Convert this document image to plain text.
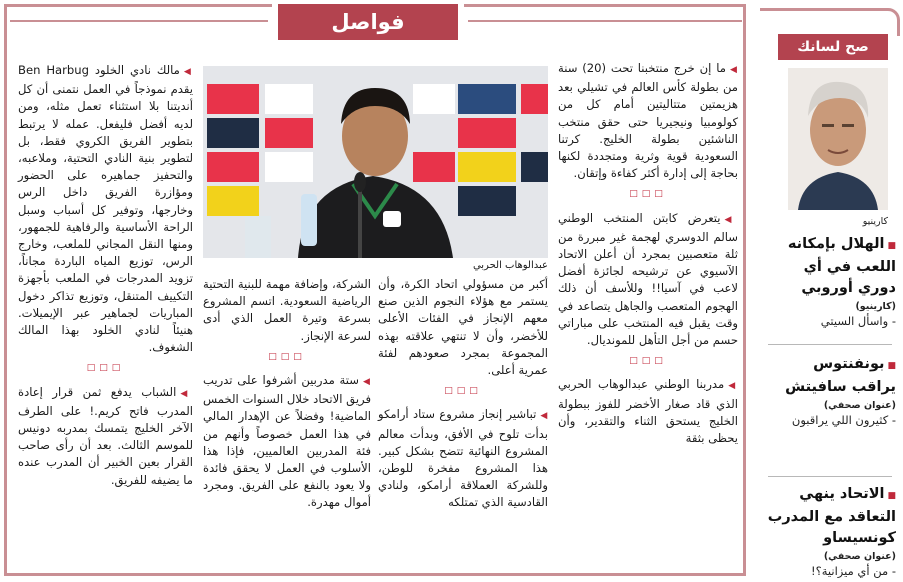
فواصل

◀ما إن خرج منتخبنا تحت (20) سنة من بطولة كأس العالم في تشيلي بعد هزيمتين متتاليتين أمام كل من كولومبيا ونيجيريا حتى حقق منتخب الناشئين بطولة الخليج. كرتنا السعودية قوية وثرية ومتجددة لكنها بحاجة إلى إدارة أكثر كفاءة وإتقان.

□□□

◀يتعرض كابتن المنتخب الوطني سالم الدوسري لهجمة غير مبررة من ثلة متعصبين بمجرد أن أعلن الاتحاد الآسيوي عن ترشيحه لجائزة أفضل لاعب في آسيا!! وللأسف أن ذلك الهجوم المتعصب والجاهل يتصاعد في وقت يقبل فيه المنتخب على مباراتي حسم من أجل التأهل للمونديال.

□□□

◀مدربنا الوطني عبدالوهاب الحربي الذي قاد صغار الأخضر للفوز ببطولة الخليج يستحق الثناء والتقدير، وأن يحظى بثقة

عبدالوهاب الحربي

أكبر من مسؤولي اتحاد الكرة، وأن يستمر مع هؤلاء النجوم الذين صنع معهم الإنجاز في الفئات الأعلى للأخضر، وأن لا تنتهي علاقته بهذه المجموعة بمجرد صعودهم لفئة عمرية أعلى.

□□□

◀تباشير إنجاز مشروع ستاد أرامكو بدأت تلوح في الأفق، وبدأت معالم المشروع النهائية تتضح بشكل كبير. هذا المشروع مفخرة للوطن، وللشركة العملاقة أرامكو، ولنادي القادسية الذي تمتلكه

الشركة، وإضافة مهمة للبنية التحتية الرياضية السعودية. اتسم المشروع بسرعة وتيرة العمل الذي أدى لسرعة الإنجاز.

□□□

◀ستة مدربين أشرفوا على تدريب فريق الاتحاد خلال السنوات الخمس الماضية! وفضلاً عن الإهدار المالي في هذا العمل خصوصاً وأنهم من فئة المدربين العالميين، فإذا هذا الأسلوب في العمل لا يحقق فائدة ولا يعود بالنفع على الفريق. ومجرد أموال مهدرة.

◀مالك نادي الخلود Ben Harbug يقدم نموذجاً في العمل نتمنى أن كل أنديتنا بلا استثناء تعمل مثله، ومن لديه أفضل فليفعل. عمله لا يرتبط بتطوير الفريق الكروي فقط، بل لتطوير بنية النادي التحتية، وملاعبه، والتحفيز جماهيره على الحضور ومؤازرة الفريق داخل الرس وخارجها، وتوفير كل أسباب وسبل الراحة الأساسية والرفاهية للجمهور، ومنها النقل المجاني للملعب، وخارج الرس، توزيع المياه الباردة مجاناً، تزويد المدرجات في الملعب بأجهزة التكييف المتنقل، وتوزيع تذاكر دخول المباريات لجماهير عبر الإيميلات. هنيئاً لنادي الخلود بهذا المالك الشغوف.

□□□

◀الشباب يدفع ثمن قرار إعادة المدرب فاتح كريم.! على الطرف الآخر الخليج يتمسك بمدربه دونيس للموسم الثالث. بعد أن رأى صاحب القرار بعين الخبير أن المدرب عنده ما يضيفه للفريق.

صح لسانك
كارينيو
■الهلال بإمكانه اللعب في أي دوري أوروبي
(كارينيو)
- واسأل السيتي
■بونفنتوس يراقب سافيتش
(عنوان صحفي)
- كثيرون اللي يراقبون
■الاتحاد ينهي التعاقد مع المدرب كونسيساو
(عنوان صحفي)
- من أي ميزانية؟!
